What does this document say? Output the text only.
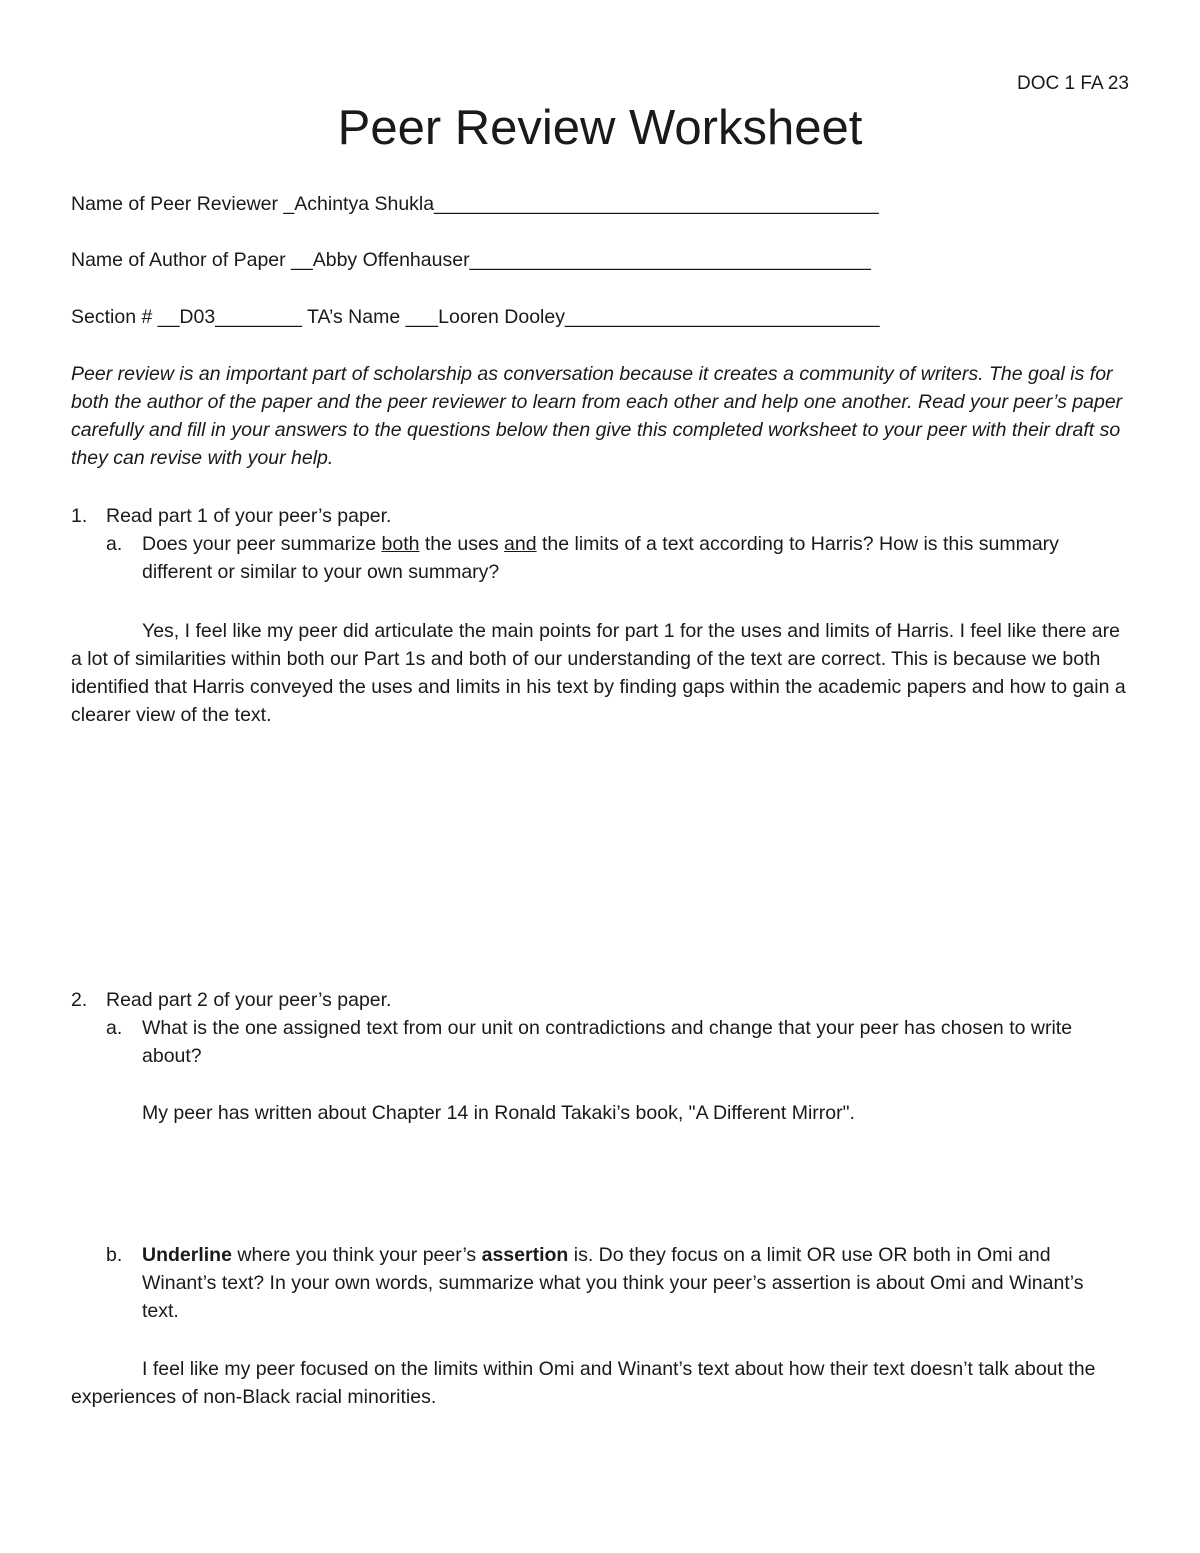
DOC 1 FA 23
Peer Review Worksheet
Name of Peer Reviewer _Achintya Shukla_________________________________________
Name of Author of Paper __Abby Offenhauser_____________________________________
Section # __D03________ TA’s Name ___Looren Dooley_____________________________
Peer review is an important part of scholarship as conversation because it creates a community of writers. The goal is for both the author of the paper and the peer reviewer to learn from each other and help one another. Read your peer’s paper carefully and fill in your answers to the questions below then give this completed worksheet to your peer with their draft so they can revise with your help.
1. Read part 1 of your peer’s paper.
a. Does your peer summarize both the uses and the limits of a text according to Harris? How is this summary different or similar to your own summary?
Yes, I feel like my peer did articulate the main points for part 1 for the uses and limits of Harris. I feel like there are a lot of similarities within both our Part 1s and both of our understanding of the text are correct. This is because we both identified that Harris conveyed the uses and limits in his text by finding gaps within the academic papers and how to gain a clearer view of the text.
2. Read part 2 of your peer’s paper.
a. What is the one assigned text from our unit on contradictions and change that your peer has chosen to write about?
My peer has written about Chapter 14 in Ronald Takaki’s book, "A Different Mirror".
b. Underline where you think your peer’s assertion is. Do they focus on a limit OR use OR both in Omi and Winant’s text? In your own words, summarize what you think your peer’s assertion is about Omi and Winant’s text.
I feel like my peer focused on the limits within Omi and Winant’s text about how their text doesn’t talk about the experiences of non-Black racial minorities.
